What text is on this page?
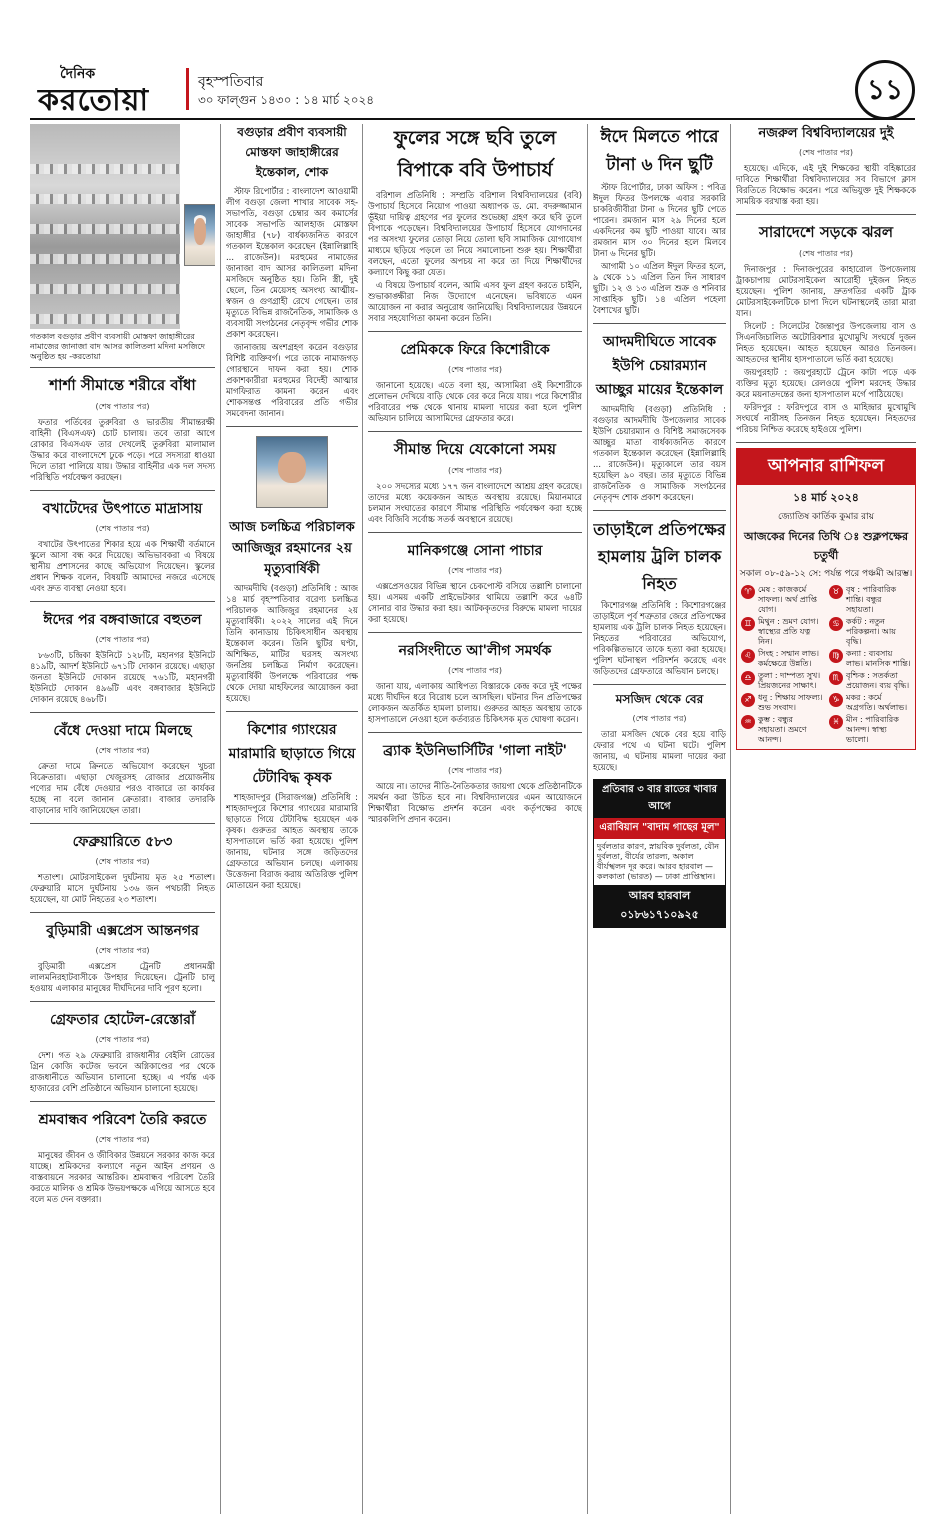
দৈনিক
করতোয়া
বৃহস্পতিবার
৩০ ফাল্গুন ১৪৩০ : ১৪ মার্চ ২০২৪	১১
গতকাল বগুড়ার প্রবীণ ব্যবসায়ী মোস্তফা জাহাঙ্গীরের নামাজের জানাজা বাদ আসর কালিতলা মদিনা মসজিদে অনুষ্ঠিত হয় -করতোয়া
শার্শা সীমান্তে শরীরে বাঁধা
(শেষ পাতার পর)

ফতার পর্তিবের তুরুবিরা ও ভারতীয় সীমান্তরক্ষী বাহিনী (বিএসএফ) চোট চালায়। তবে তারা আগে রোকার বিএসএফ তার দেখলেই তুরুবিরা মালামাল উদ্ধার করে বাংলাদেশে ঢুকে পড়ে। পরে সদস্যরা ধাওয়া দিলে তারা পালিয়ে যায়। উদ্ধার বাহিনীর এক দল সদস্য পরিস্থিতি পর্যবেক্ষণ করছেন।

বখাটেদের উৎপাতে মাদ্রাসায়
(শেষ পাতার পর)

বখাটের উৎপাতের শিকার হয়ে এক শিক্ষার্থী বর্তমানে স্কুলে আসা বন্ধ করে দিয়েছে। অভিভাবকরা এ বিষয়ে স্থানীয় প্রশাসনের কাছে অভিযোগ দিয়েছেন। স্কুলের প্রধান শিক্ষক বলেন, বিষয়টি আমাদের নজরে এসেছে এবং দ্রুত ব্যবস্থা নেওয়া হবে।

ঈদের পর বঙ্গবাজারে বহুতল
(শেষ পাতার পর)

৮৬৩টি, চন্দ্রিকা ইউনিটে ১২৮টি, মহানগর ইউনিটে ৪১৯টি, আদর্শ ইউনিটে ৬৭১টি দোকান রয়েছে। এছাড়া জনতা ইউনিটে দোকান রয়েছে ৭৬১টি, মহানগরী ইউনিটে দোকান ৪৯৬টি এবং বঙ্গবাজার ইউনিটে দোকান রয়েছে ৪৬৮টি।

বেঁধে দেওয়া দামে মিলছে
(শেষ পাতার পর)

ক্রেতা দামে ক্রিনতে অভিযোগ করেছেন খুচরা বিক্রেতারা। এছাড়া খেজুরসহ রোজার প্রয়োজনীয় পণ্যের দাম বেঁধে দেওয়ার পরও বাজারে তা কার্যকর হচ্ছে না বলে জানান ক্রেতারা। বাজার তদারকি বাড়ানোর দাবি জানিয়েছেন তারা।

ফেব্রুয়ারিতে ৫৮৩
(শেষ পাতার পর)

শতাংশ। মোটরসাইকেল দুর্ঘটনায় মৃত ২৫ শতাংশ। ফেব্রুয়ারি মাসে দুর্ঘটনায় ১৩৬ জন পথচারী নিহত হয়েছেন, যা মোট নিহতের ২৩ শতাংশ।

বুড়িমারী এক্সপ্রেস আন্তনগর
(শেষ পাতার পর)

বুড়িমারী এক্সপ্রেস ট্রেনটি প্রধানমন্ত্রী লালমনিরহাটবাসীকে উপহার দিয়েছেন। ট্রেনটি চালু হওয়ায় এলাকার মানুষের দীর্ঘদিনের দাবি পূরণ হলো।

গ্রেফতার হোটেল-রেস্তোরাঁ
(শেষ পাতার পর)

দেশ। গত ২৯ ফেব্রুয়ারি রাজধানীর বেইলি রোডের গ্রিন কোজি কটেজ ভবনে অগ্নিকাণ্ডের পর থেকে রাজধানীতে অভিযান চালানো হচ্ছে। এ পর্যন্ত এক হাজারের বেশি প্রতিষ্ঠানে অভিযান চালানো হয়েছে।

শ্রমবান্ধব পরিবেশ তৈরি করতে
(শেষ পাতার পর)

মানুষের জীবন ও জীবিকার উন্নয়নে সরকার কাজ করে যাচ্ছে। শ্রমিকদের কল্যাণে নতুন আইন প্রণয়ন ও বাস্তবায়নে সরকার আন্তরিক। শ্রমবান্ধব পরিবেশ তৈরি করতে মালিক ও শ্রমিক উভয়পক্ষকে এগিয়ে আসতে হবে বলে মত দেন বক্তারা।

বগুড়ার প্রবীণ ব্যবসায়ী মোস্তফা জাহাঙ্গীরের ইন্তেকাল, শোক

স্টাফ রিপোর্টার : বাংলাদেশ আওয়ামী লীগ বগুড়া জেলা শাখার সাবেক সহ-সভাপতি, বগুড়া চেম্বার অব কমার্সের সাবেক সভাপতি আলহাজ মোস্তফা জাহাঙ্গীর (৭৮) বার্ধক্যজনিত কারণে গতকাল ইন্তেকাল করেছেন (ইন্নালিল্লাহি ... রাজেউন)। মরহুমের নামাজের জানাজা বাদ আসর কালিতলা মদিনা মসজিদে অনুষ্ঠিত হয়। তিনি স্ত্রী, দুই ছেলে, তিন মেয়েসহ অসংখ্য আত্মীয়-স্বজন ও গুণগ্রাহী রেখে গেছেন। তার মৃত্যুতে বিভিন্ন রাজনৈতিক, সামাজিক ও ব্যবসায়ী সংগঠনের নেতৃবৃন্দ গভীর শোক প্রকাশ করেছেন।

জানাজায় অংশগ্রহণ করেন বগুড়ার বিশিষ্ট ব্যক্তিবর্গ। পরে তাকে নামাজগড় গোরস্থানে দাফন করা হয়। শোক প্রকাশকারীরা মরহুমের বিদেহী আত্মার মাগফিরাত কামনা করেন এবং শোকসন্তপ্ত পরিবারের প্রতি গভীর সমবেদনা জানান।

আজ চলচ্চিত্র পরিচালক আজিজুর রহমানের ২য় মৃত্যুবার্ষিকী

আদমদীঘি (বগুড়া) প্রতিনিধি : আজ ১৪ মার্চ বৃহস্পতিবার বরেণ্য চলচ্চিত্র পরিচালক আজিজুর রহমানের ২য় মৃত্যুবার্ষিকী। ২০২২ সালের এই দিনে তিনি কানাডায় চিকিৎসাধীন অবস্থায় ইন্তেকাল করেন। তিনি ছুটির ঘণ্টা, অশিক্ষিত, মাটির ঘরসহ অসংখ্য জনপ্রিয় চলচ্চিত্র নির্মাণ করেছেন। মৃত্যুবার্ষিকী উপলক্ষে পরিবারের পক্ষ থেকে দোয়া মাহফিলের আয়োজন করা হয়েছে।

কিশোর গ্যাংয়ের মারামারি ছাড়াতে গিয়ে টেটাবিদ্ধ কৃষক

শাহজাদপুর (সিরাজগঞ্জ) প্রতিনিধি : শাহজাদপুরে কিশোর গ্যাংয়ের মারামারি ছাড়াতে গিয়ে টেটাবিদ্ধ হয়েছেন এক কৃষক। গুরুতর আহত অবস্থায় তাকে হাসপাতালে ভর্তি করা হয়েছে। পুলিশ জানায়, ঘটনার সঙ্গে জড়িতদের গ্রেফতারে অভিযান চলছে। এলাকায় উত্তেজনা বিরাজ করায় অতিরিক্ত পুলিশ মোতায়েন করা হয়েছে।

ফুলের সঙ্গে ছবি তুলে বিপাকে ববি উপাচার্য

বরিশাল প্রতিনিধি : সম্প্রতি বরিশাল বিশ্ববিদ্যালয়ের (ববি) উপাচার্য হিসেবে নিয়োগ পাওয়া অধ্যাপক ড. মো. বদরুজ্জামান ভূঁইয়া দায়িত্ব গ্রহণের পর ফুলের শুভেচ্ছা গ্রহণ করে ছবি তুলে বিপাকে পড়েছেন। বিশ্ববিদ্যালয়ের উপাচার্য হিসেবে যোগদানের পর অসংখ্য ফুলের তোড়া নিয়ে তোলা ছবি সামাজিক যোগাযোগ মাধ্যমে ছড়িয়ে পড়লে তা নিয়ে সমালোচনা শুরু হয়। শিক্ষার্থীরা বলছেন, এতো ফুলের অপচয় না করে তা দিয়ে শিক্ষার্থীদের কল্যাণে কিছু করা যেত।

এ বিষয়ে উপাচার্য বলেন, আমি এসব ফুল গ্রহণ করতে চাইনি, শুভাকাঙ্ক্ষীরা নিজ উদ্যোগে এনেছেন। ভবিষ্যতে এমন আয়োজন না করার অনুরোধ জানিয়েছি। বিশ্ববিদ্যালয়ের উন্নয়নে সবার সহযোগিতা কামনা করেন তিনি।

প্রেমিককে ফিরে কিশোরীকে
(শেষ পাতার পর)

জানানো হয়েছে। এতে বলা হয়, আসামিরা ওই কিশোরীকে প্রলোভন দেখিয়ে বাড়ি থেকে বের করে নিয়ে যায়। পরে কিশোরীর পরিবারের পক্ষ থেকে থানায় মামলা দায়ের করা হলে পুলিশ অভিযান চালিয়ে আসামিদের গ্রেফতার করে।

সীমান্ত দিয়ে যেকোনো সময়
(শেষ পাতার পর)

২০০ সদস্যের মধ্যে ১৭৭ জন বাংলাদেশে আশ্রয় গ্রহণ করেছে। তাদের মধ্যে কয়েকজন আহত অবস্থায় রয়েছে। মিয়ানমারে চলমান সংঘাতের কারণে সীমান্ত পরিস্থিতি পর্যবেক্ষণ করা হচ্ছে এবং বিজিবি সর্বোচ্চ সতর্ক অবস্থানে রয়েছে।

মানিকগঞ্জে সোনা পাচার
(শেষ পাতার পর)

এক্সপ্রেসওয়ের বিভিন্ন স্থানে চেকপোস্ট বসিয়ে তল্লাশি চালানো হয়। এসময় একটি প্রাইভেটকার থামিয়ে তল্লাশি করে ৬৪টি সোনার বার উদ্ধার করা হয়। আটককৃতদের বিরুদ্ধে মামলা দায়ের করা হয়েছে।

নরসিংদীতে আ'লীগ সমর্থক
(শেষ পাতার পর)

জানা যায়, এলাকায় আধিপত্য বিস্তারকে কেন্দ্র করে দুই পক্ষের মধ্যে দীর্ঘদিন ধরে বিরোধ চলে আসছিল। ঘটনার দিন প্রতিপক্ষের লোকজন অতর্কিত হামলা চালায়। গুরুতর আহত অবস্থায় তাকে হাসপাতালে নেওয়া হলে কর্তব্যরত চিকিৎসক মৃত ঘোষণা করেন।

ব্র্যাক ইউনিভার্সিটির 'গালা নাইট'
(শেষ পাতার পর)

আয়ে না। তাদের নীতি-নৈতিকতার জায়গা থেকে প্রতিষ্ঠানটিকে সমর্থন করা উচিত হবে না। বিশ্ববিদ্যালয়ের এমন আয়োজনে শিক্ষার্থীরা বিক্ষোভ প্রদর্শন করেন এবং কর্তৃপক্ষের কাছে স্মারকলিপি প্রদান করেন।

ঈদে মিলতে পারে টানা ৬ দিন ছুটি

স্টাফ রিপোর্টার, ঢাকা অফিস : পবিত্র ঈদুল ফিতর উপলক্ষে এবার সরকারি চাকরিজীবীরা টানা ৬ দিনের ছুটি পেতে পারেন। রমজান মাস ২৯ দিনের হলে একদিনের কম ছুটি পাওয়া যাবে। আর রমজান মাস ৩০ দিনের হলে মিলবে টানা ৬ দিনের ছুটি।

আগামী ১০ এপ্রিল ঈদুল ফিতর হলে, ৯ থেকে ১১ এপ্রিল তিন দিন সাধারণ ছুটি। ১২ ও ১৩ এপ্রিল শুক্র ও শনিবার সাপ্তাহিক ছুটি। ১৪ এপ্রিল পহেলা বৈশাখের ছুটি।

আদমদীঘিতে সাবেক ইউপি চেয়ারম্যান আচ্ছুর মায়ের ইন্তেকাল

আদমদীঘি (বগুড়া) প্রতিনিধি : বগুড়ার আদমদীঘি উপজেলার সাবেক ইউপি চেয়ারম্যান ও বিশিষ্ট সমাজসেবক আচ্ছুর মাতা বার্ধক্যজনিত কারণে গতকাল ইন্তেকাল করেছেন (ইন্নালিল্লাহি ... রাজেউন)। মৃত্যুকালে তার বয়স হয়েছিল ৯০ বছর। তার মৃত্যুতে বিভিন্ন রাজনৈতিক ও সামাজিক সংগঠনের নেতৃবৃন্দ শোক প্রকাশ করেছেন।

তাড়াইলে প্রতিপক্ষের হামলায় ট্রলি চালক নিহত

কিশোরগঞ্জ প্রতিনিধি : কিশোরগঞ্জের তাড়াইলে পূর্ব শত্রুতার জেরে প্রতিপক্ষের হামলায় এক ট্রলি চালক নিহত হয়েছেন। নিহতের পরিবারের অভিযোগ, পরিকল্পিতভাবে তাকে হত্যা করা হয়েছে। পুলিশ ঘটনাস্থল পরিদর্শন করেছে এবং জড়িতদের গ্রেফতারে অভিযান চলছে।

মসজিদ থেকে বের
(শেষ পাতার পর)

তারা মসজিদ থেকে বের হয়ে বাড়ি ফেরার পথে এ ঘটনা ঘটে। পুলিশ জানায়, এ ঘটনায় মামলা দায়ের করা হয়েছে।

প্রতিবার ৩ বার রাতের খাবার আগে
এরাবিয়ান "বাদাম গাছের মূল"
দুর্বলতার কারণ, স্নায়বিক দুর্বলতা, যৌন দুর্বলতা, বীর্যের তারল্য, অকাল বীর্যস্খলন দূর করে। আরব হারবাল — কলকাতা (ভারত) — ঢাকা প্রাপ্তিস্থান।
আরব হারবাল ০১৮৬১৭১০৯২৫
নজরুল বিশ্ববিদ্যালয়ের দুই
(শেষ পাতার পর)

হয়েছে। এদিকে, এই দুই শিক্ষকের স্থায়ী বহিষ্কারের দাবিতে শিক্ষার্থীরা বিশ্ববিদ্যালয়ের সব বিভাগে ক্লাস বিরতিতে বিক্ষোভ করেন। পরে অভিযুক্ত দুই শিক্ষককে সাময়িক বরখাস্ত করা হয়।

সারাদেশে সড়কে ঝরল
(শেষ পাতার পর)

দিনাজপুর : দিনাজপুরের কাহারোল উপজেলায় ট্রাকচাপায় মোটরসাইকেল আরোহী দুইজন নিহত হয়েছেন। পুলিশ জানায়, দ্রুতগতির একটি ট্রাক মোটরসাইকেলটিকে চাপা দিলে ঘটনাস্থলেই তারা মারা যান।

সিলেট : সিলেটের জৈন্তাপুর উপজেলায় বাস ও সিএনজিচালিত অটোরিকশার মুখোমুখি সংঘর্ষে দুজন নিহত হয়েছেন। আহত হয়েছেন আরও তিনজন। আহতদের স্থানীয় হাসপাতালে ভর্তি করা হয়েছে।

জয়পুরহাট : জয়পুরহাটে ট্রেনে কাটা পড়ে এক ব্যক্তির মৃত্যু হয়েছে। রেলওয়ে পুলিশ মরদেহ উদ্ধার করে ময়নাতদন্তের জন্য হাসপাতাল মর্গে পাঠিয়েছে।

ফরিদপুর : ফরিদপুরে বাস ও মাহিন্দ্রার মুখোমুখি সংঘর্ষে নারীসহ তিনজন নিহত হয়েছেন। নিহতদের পরিচয় নিশ্চিত করেছে হাইওয়ে পুলিশ।

আপনার রাশিফল
১৪ মার্চ ২০২৪
জ্যোতিষ কার্তিক কুমার রায়
আজকের দিনের তিথি ঃ শুক্লপক্ষের চতুর্থী
সকাল ০৮-৫৯-১২ সে: পর্যন্ত পরে পঞ্চমী আরম্ভ।
♈ মেষ : কাজকর্মে সাফল্য। অর্থ প্রাপ্তি যোগ।
♉ বৃষ : পারিবারিক শান্তি। বন্ধুর সহায়তা।
♊ মিথুন : ভ্রমণ যোগ। স্বাস্থ্যের প্রতি যত্ন নিন।
♋ কর্কট : নতুন পরিকল্পনা। আয় বৃদ্ধি।
♌ সিংহ : সম্মান লাভ। কর্মক্ষেত্রে উন্নতি।
♍ কন্যা : ব্যবসায় লাভ। মানসিক শান্তি।
♎ তুলা : দাম্পত্য সুখ। প্রিয়জনের সাক্ষাৎ।
♏ বৃশ্চিক : সতর্কতা প্রয়োজন। ব্যয় বৃদ্ধি।
♐ ধনু : শিক্ষায় সাফল্য। শুভ সংবাদ।
♑ মকর : কর্মে অগ্রগতি। অর্থলাভ।
♒ কুম্ভ : বন্ধুর সহায়তা। ভ্রমণে আনন্দ।
♓ মীন : পারিবারিক আনন্দ। স্বাস্থ্য ভালো।
